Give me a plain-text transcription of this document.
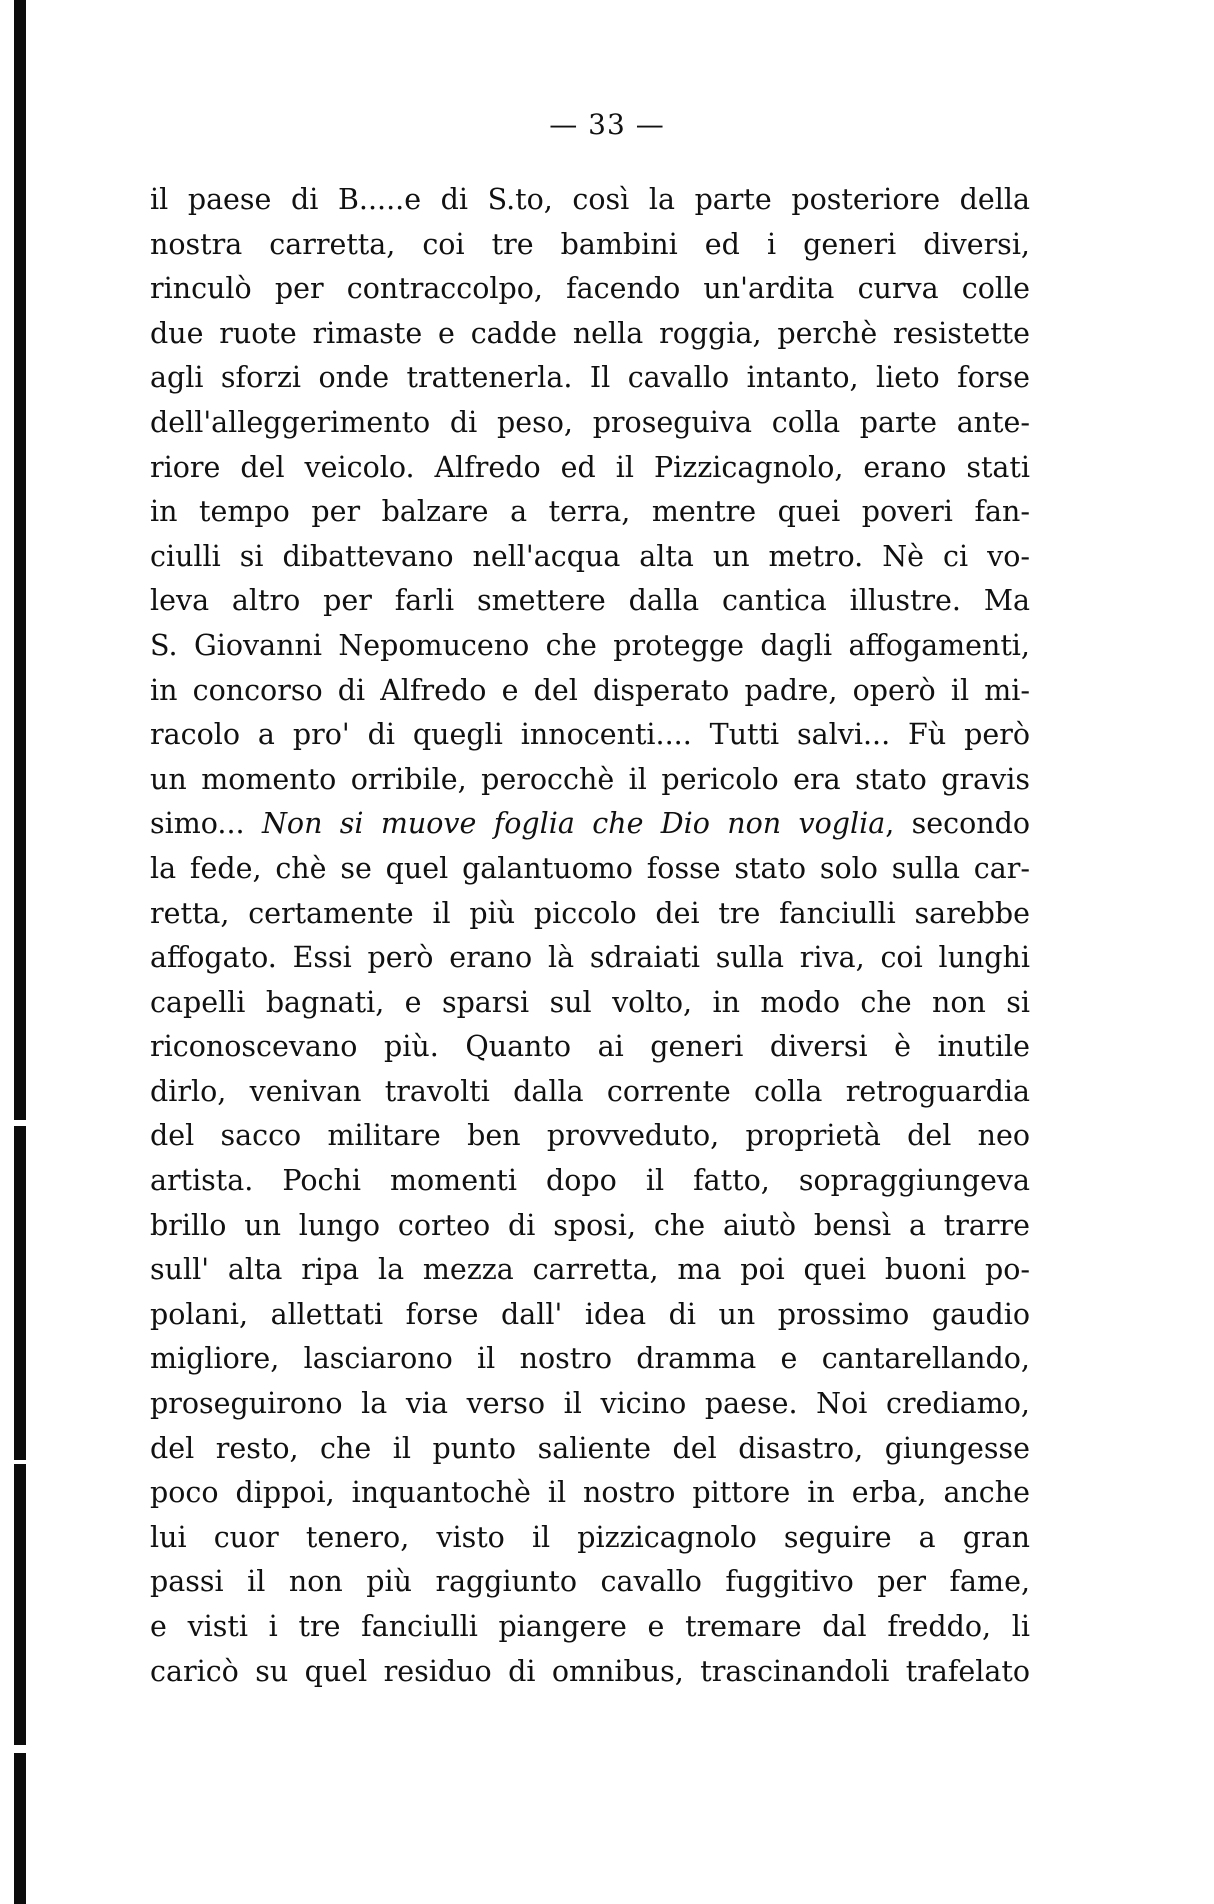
— 33 —
il paese di B.....e di S.to, così la parte posteriore della
nostra carretta, coi tre bambini ed i generi diversi,
rinculò per contraccolpo, facendo un'ardita curva colle
due ruote rimaste e cadde nella roggia, perchè resistette
agli sforzi onde trattenerla. Il cavallo intanto, lieto forse
dell'alleggerimento di peso, proseguiva colla parte ante-
riore del veicolo. Alfredo ed il Pizzicagnolo, erano stati
in tempo per balzare a terra, mentre quei poveri fan-
ciulli si dibattevano nell'acqua alta un metro. Nè ci vo-
leva altro per farli smettere dalla cantica illustre. Ma
S. Giovanni Nepomuceno che protegge dagli affogamenti,
in concorso di Alfredo e del disperato padre, operò il mi-
racolo a pro' di quegli innocenti.... Tutti salvi... Fù però
un momento orribile, perocchè il pericolo era stato gravis
simo... Non si muove foglia che Dio non voglia, secondo
la fede, chè se quel galantuomo fosse stato solo sulla car-
retta, certamente il più piccolo dei tre fanciulli sarebbe
affogato. Essi però erano là sdraiati sulla riva, coi lunghi
capelli bagnati, e sparsi sul volto, in modo che non si
riconoscevano più. Quanto ai generi diversi è inutile
dirlo, venivan travolti dalla corrente colla retroguardia
del sacco militare ben provveduto, proprietà del neo
artista. Pochi momenti dopo il fatto, sopraggiungeva
brillo un lungo corteo di sposi, che aiutò bensì a trarre
sull' alta ripa la mezza carretta, ma poi quei buoni po-
polani, allettati forse dall' idea di un prossimo gaudio
migliore, lasciarono il nostro dramma e cantarellando,
proseguirono la via verso il vicino paese. Noi crediamo,
del resto, che il punto saliente del disastro, giungesse
poco dippoi, inquantochè il nostro pittore in erba, anche
lui cuor tenero, visto il pizzicagnolo seguire a gran
passi il non più raggiunto cavallo fuggitivo per fame,
e visti i tre fanciulli piangere e tremare dal freddo, li
caricò su quel residuo di omnibus, trascinandoli trafelato
